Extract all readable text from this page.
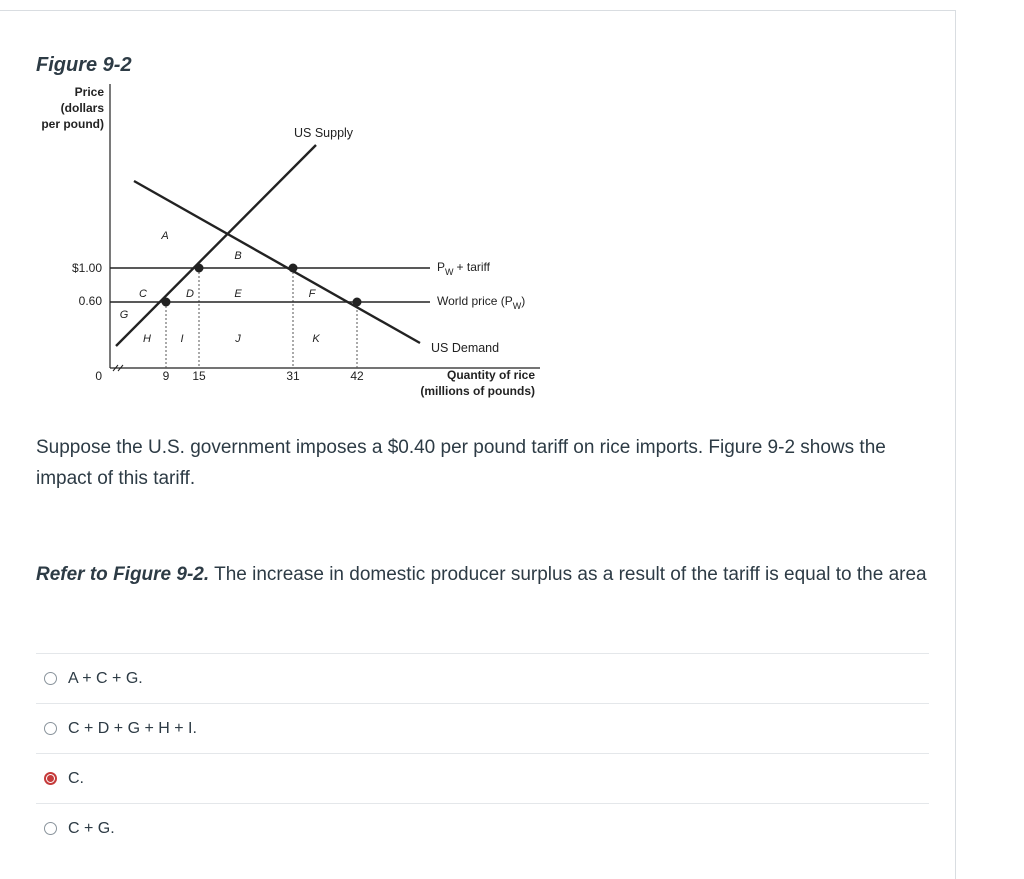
Figure 9-2
Price
(dollars
per pound)
$1.00
0.60
0	9 15	31	42	Quantity of rice
(millions of pounds)
US Supply
US Demand
$P_W$ + tariff
World price $(P_W)$
A
B
C	D	E	F
G
H	I	J	K

Suppose the U.S. government imposes a $0.40 per pound tariff on rice imports. Figure 9-2 shows the impact of this tariff.

Refer to Figure 9-2. The increase in domestic producer surplus as a result of the tariff is equal to the area

A + C + G.
C + D + G + H + I.
C.
C + G.
